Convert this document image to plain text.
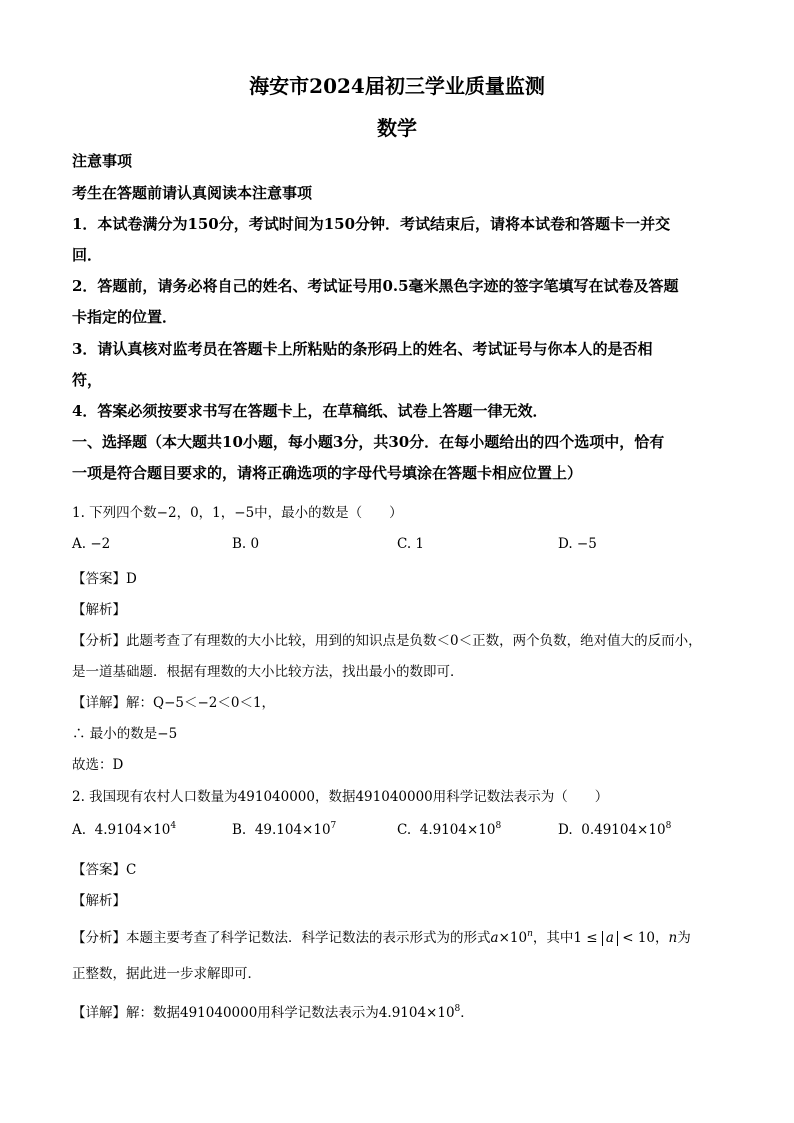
海安市2024届初三学业质量监测
数学
注意事项
考生在答题前请认真阅读本注意事项
1．本试卷满分为150分，考试时间为150分钟．考试结束后，请将本试卷和答题卡一并交
回．
2．答题前，请务必将自己的姓名、考试证号用0.5毫米黑色字迹的签字笔填写在试卷及答题
卡指定的位置．
3．请认真核对监考员在答题卡上所粘贴的条形码上的姓名、考试证号与你本人的是否相
符，
4．答案必须按要求书写在答题卡上，在草稿纸、试卷上答题一律无效．
一、选择题（本大题共10小题，每小题3分，共30分．在每小题给出的四个选项中，恰有
一项是符合题目要求的，请将正确选项的字母代号填涂在答题卡相应位置上）
1. 下列四个数−2，0，1，−5中，最小的数是（　　）
A. −2	B. 0	C. 1	D. −5
【答案】D
【解析】
【分析】此题考查了有理数的大小比较，用到的知识点是负数＜0＜正数，两个负数，绝对值大的反而小，
是一道基础题．根据有理数的大小比较方法，找出最小的数即可．
【详解】解：Q−5＜−2＜0＜1，
∴ 最小的数是−5
故选：D
2. 我国现有农村人口数量为491040000，数据491040000用科学记数法表示为（　　）
A. $4.9104\times 10^4$	B. $49.104\times 10^7$	C. $4.9104\times 10^8$	D. $0.49104\times 10^8$
【答案】C
【解析】
【分析】本题主要考查了科学记数法．科学记数法的表示形式为的形式$a\times 10^n$，其中1 ≤ a < 10，n为
正整数，据此进一步求解即可．
【详解】解：数据491040000用科学记数法表示为$4.9104\times 10^8$．
